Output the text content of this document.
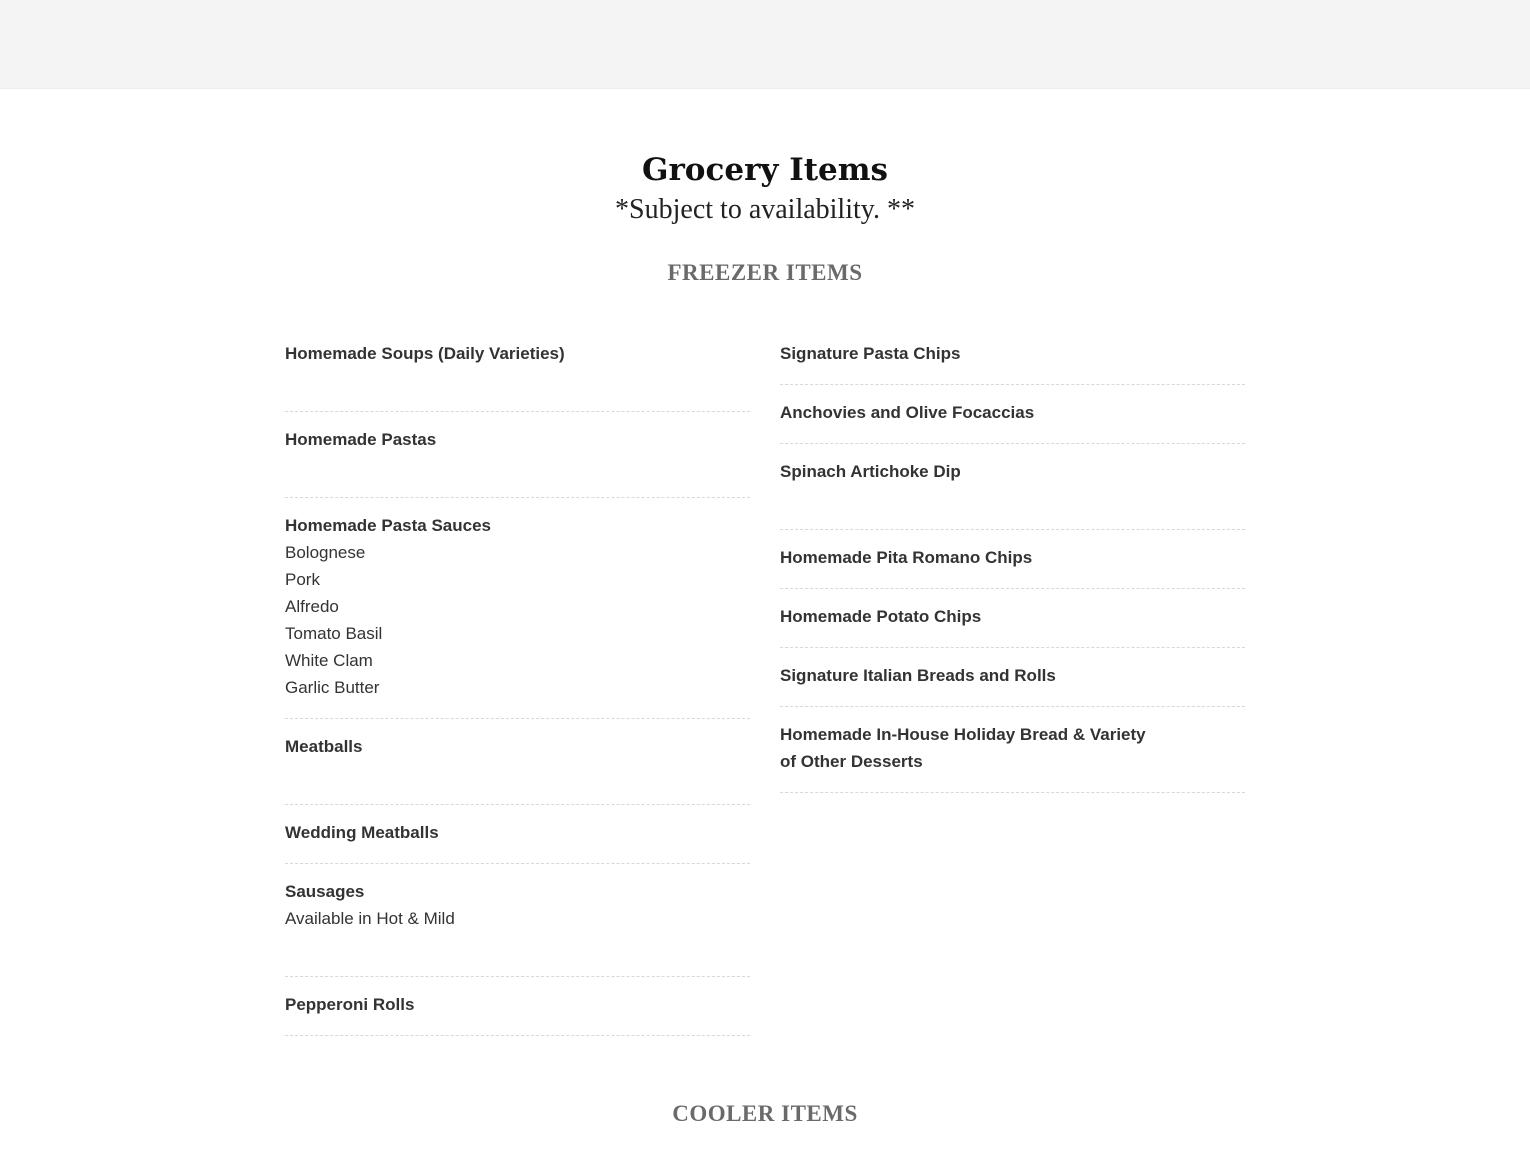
Grocery Items

*Subject to availability. **

FREEZER ITEMS
Homemade Soups (Daily Varieties)
Homemade Pastas
Homemade Pasta Sauces
Bolognese
Pork
Alfredo
Tomato Basil
White Clam
Garlic Butter
Meatballs
Wedding Meatballs
Sausages
Available in Hot & Mild
Pepperoni Rolls
Signature Pasta Chips
Anchovies and Olive Focaccias
Spinach Artichoke Dip
Homemade Pita Romano Chips
Homemade Potato Chips
Signature Italian Breads and Rolls
Homemade In-House Holiday Bread & Variety of Other Desserts
COOLER ITEMS
